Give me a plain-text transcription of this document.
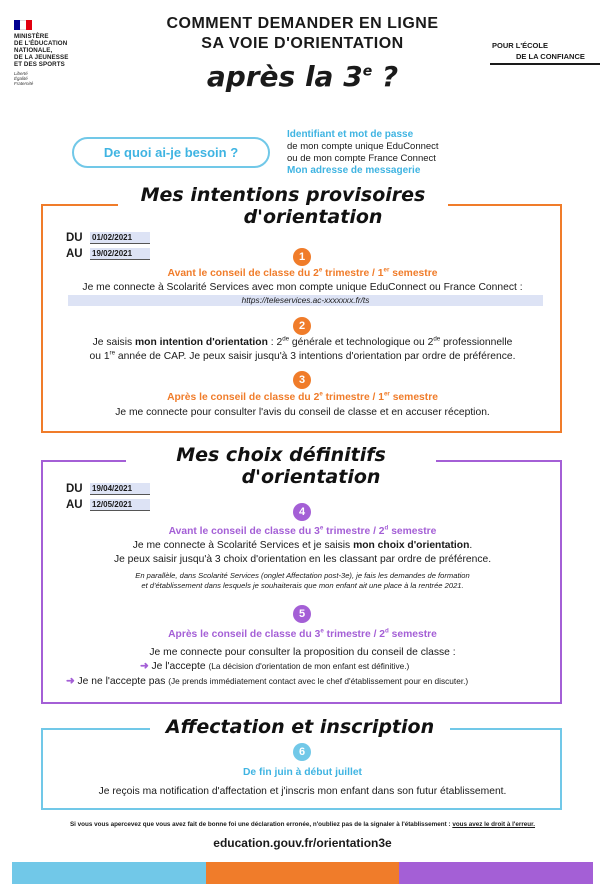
MINISTÈRE
DE L'ÉDUCATION
NATIONALE,
DE LA JEUNESSE
ET DES SPORTS
Liberté
Égalité
Fraternité
COMMENT DEMANDER EN LIGNE
SA VOIE D'ORIENTATION
après la 3e ?
POUR L'ÉCOLE
DE LA CONFIANCE
De quoi ai-je besoin ?
Identifiant et mot de passe
de mon compte unique EduConnect
ou de mon compte France Connect
Mon adresse de messagerie
Mes intentions provisoires
d'orientation
DU	01/02/2021
AU	19/02/2021	1
Avant le conseil de classe du 2e trimestre / 1er semestre
Je me connecte à Scolarité Services avec mon compte unique EduConnect ou France Connect :
https://teleservices.ac-xxxxxxx.fr/ts
2
Je saisis mon intention d'orientation : 2de générale et technologique ou 2de professionnelle
ou 1re année de CAP. Je peux saisir jusqu'à 3 intentions d'orientation par ordre de préférence.
3
Après le conseil de classe du 2e trimestre / 1er semestre
Je me connecte pour consulter l'avis du conseil de classe et en accuser réception.
Mes choix définitifs
d'orientation
DU	19/04/2021
AU	12/05/2021
4
Avant le conseil de classe du 3e trimestre / 2$^d$ semestre
Je me connecte à Scolarité Services et je saisis mon choix d'orientation.
Je peux saisir jusqu'à 3 choix d'orientation en les classant par ordre de préférence.
En parallèle, dans Scolarité Services (onglet Affectation post-3e), je fais les demandes de formation
et d'établissement dans lesquels je souhaiterais que mon enfant ait une place à la rentrée 2021.
5
Après le conseil de classe du 3e trimestre / 2$^d$ semestre
Je me connecte pour consulter la proposition du conseil de classe :
➜ Je l'accepte (La décision d'orientation de mon enfant est définitive.)
➜ Je ne l'accepte pas (Je prends immédiatement contact avec le chef d'établissement pour en discuter.)
Affectation et inscription
6
De fin juin à début juillet
Je reçois ma notification d'affectation et j'inscris mon enfant dans son futur établissement.
Si vous vous apercevez que vous avez fait de bonne foi une déclaration erronée, n'oubliez pas de la signaler à l'établissement : vous avez le droit à l'erreur.
education.gouv.fr/orientation3e
